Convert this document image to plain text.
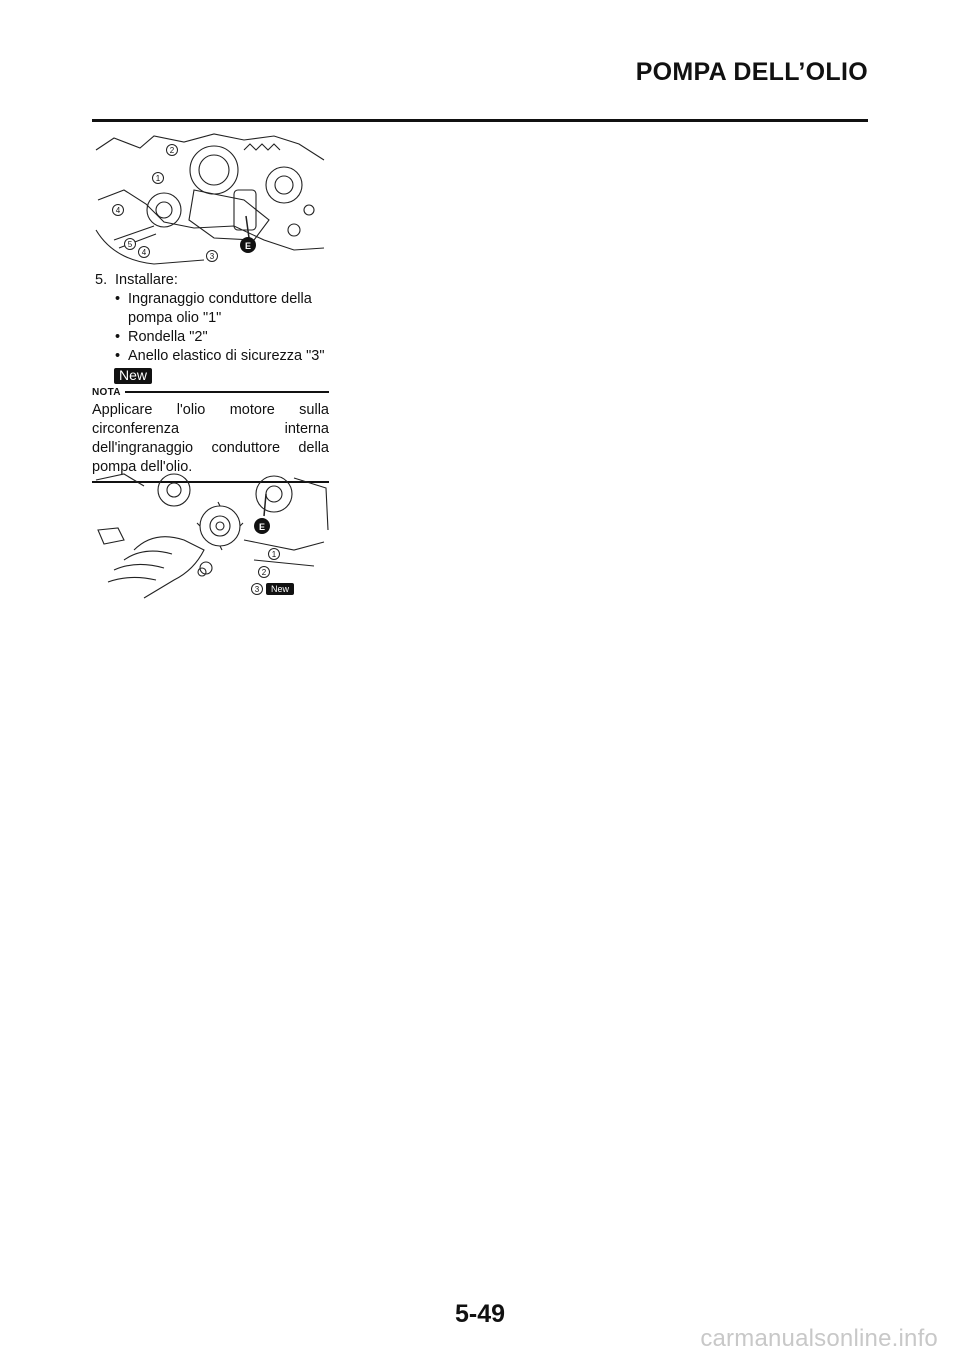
POMPA DELL’OLIO
2
1
4
5
4	3
E
5. Installare:
• Ingranaggio conduttore della pompa olio "1"
• Rondella "2"
• Anello elastico di sicurezza "3"
New
NOTA
Applicare l'olio motore sulla circonferenza interna dell'ingranaggio conduttore della pompa dell'olio.
1
2
3 New
E
5-49
carmanualsonline.info
